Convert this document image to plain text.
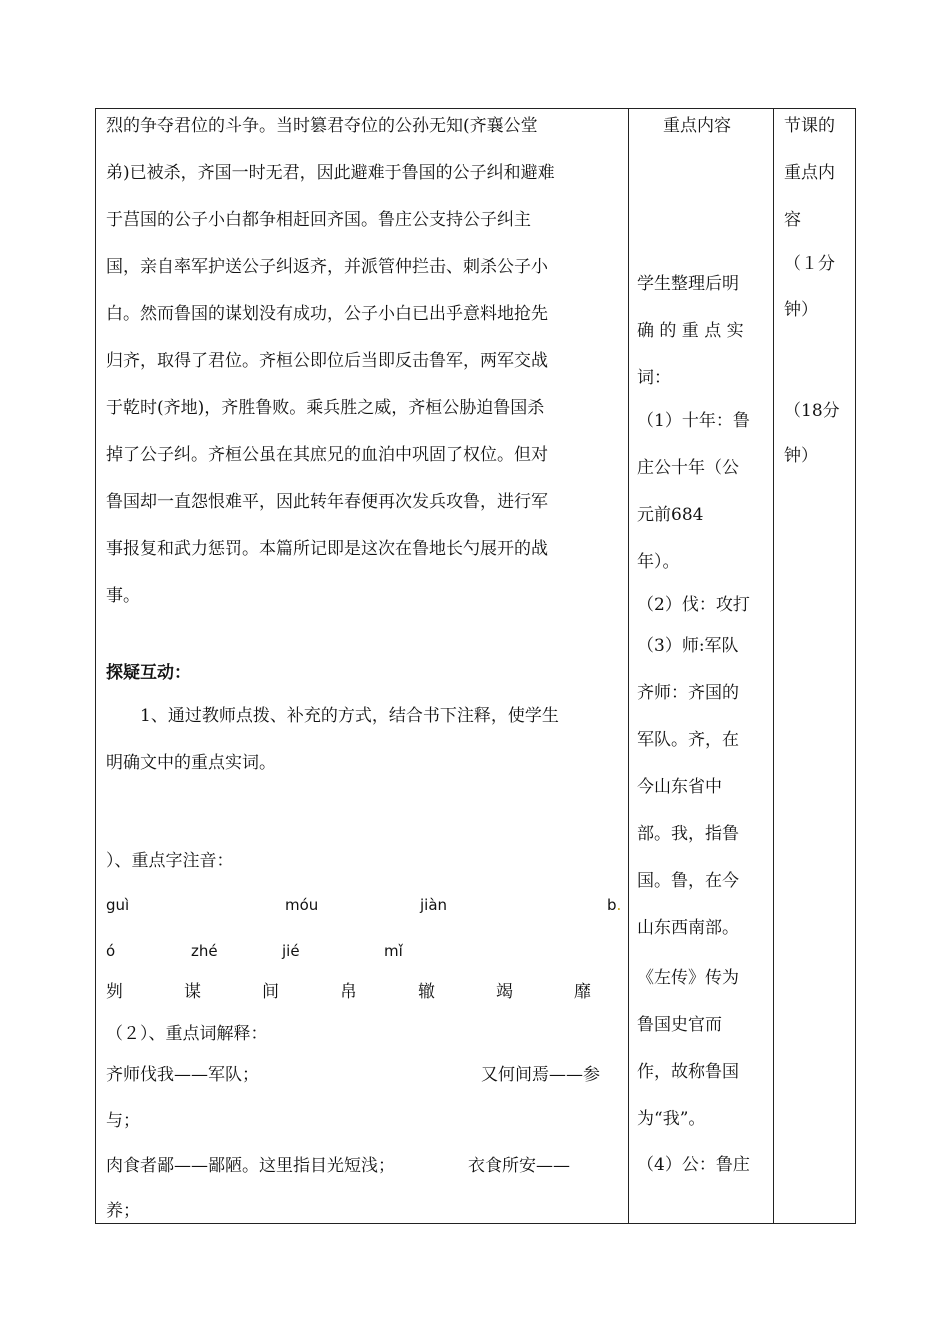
烈的争夺君位的斗争。当时篡君夺位的公孙无知(齐襄公堂
弟)已被杀，齐国一时无君，因此避难于鲁国的公子纠和避难
于莒国的公子小白都争相赶回齐国。鲁庄公支持公子纠主
国，亲自率军护送公子纠返齐，并派管仲拦击、刺杀公子小
白。然而鲁国的谋划没有成功，公子小白已出乎意料地抢先
归齐，取得了君位。齐桓公即位后当即反击鲁军，两军交战
于乾时(齐地)，齐胜鲁败。乘兵胜之威，齐桓公胁迫鲁国杀
掉了公子纠。齐桓公虽在其庶兄的血泊中巩固了权位。但对
鲁国却一直怨恨难平，因此转年春便再次发兵攻鲁，进行军
事报复和武力惩罚。本篇所记即是这次在鲁地长勺展开的战
事。
探疑互动：
1、通过教师点拨、补充的方式，结合书下注释，使学生
明确文中的重点实词。
）、重点字注音：
guì	móu	jiàn	b.
ó	zhé	jié	mǐ
刿	谋	间	帛	辙	竭	靡
（２）、重点词解释：
齐师伐我——军队；	又何间焉——参
与；
肉食者鄙——鄙陋。这里指目光短浅；	衣食所安——
养；
重点内容
学生整理后明
确 的 重 点 实
词：
（1）十年：鲁
庄公十年（公
元前684
年）。
（2）伐：攻打
（3）师:军队
齐师：齐国的
军队。齐，在
今山东省中
部。我，指鲁
国。鲁，在今
山东西南部。
《左传》传为
鲁国史官而
作，故称鲁国
为“我”。
（4）公：鲁庄
节课的
重点内
容
（１分
钟）
（18分
钟）
